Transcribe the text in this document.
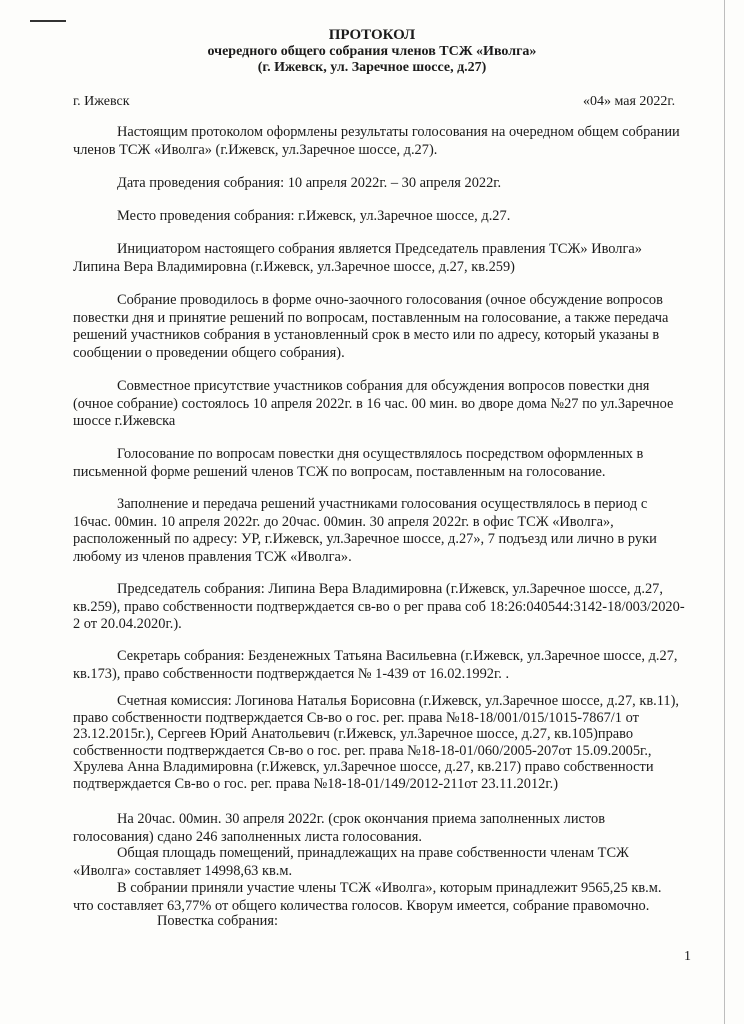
ПРОТОКОЛ
очередного общего собрания членов ТСЖ «Иволга»
(г. Ижевск, ул. Заречное шоссе, д.27)
г. Ижевск	«04» мая 2022г.
Настоящим протоколом оформлены результаты голосования на очередном общем собрании
членов ТСЖ «Иволга» (г.Ижевск, ул.Заречное шоссе, д.27).
Дата проведения собрания: 10 апреля 2022г. – 30 апреля 2022г.
Место проведения собрания: г.Ижевск, ул.Заречное шоссе, д.27.
Инициатором настоящего собрания является Председатель правления ТСЖ» Иволга»
Липина Вера Владимировна (г.Ижевск, ул.Заречное шоссе, д.27, кв.259)
Собрание проводилось в форме очно-заочного голосования (очное обсуждение вопросов
повестки дня и принятие решений по вопросам, поставленным на голосование, а также передача
решений участников собрания в установленный срок в место или по адресу, который указаны в
сообщении о проведении общего собрания).
Совместное присутствие участников собрания для обсуждения вопросов повестки дня
(очное собрание) состоялось 10 апреля 2022г. в 16 час. 00 мин. во дворе дома №27 по ул.Заречное
шоссе г.Ижевска
Голосование по вопросам повестки дня осуществлялось посредством оформленных в
письменной форме решений членов ТСЖ по вопросам, поставленным на голосование.
Заполнение и передача решений участниками голосования осуществлялось в период с
16час. 00мин. 10 апреля 2022г. до 20час. 00мин. 30 апреля 2022г. в офис ТСЖ «Иволга»,
расположенный по адресу: УР, г.Ижевск, ул.Заречное шоссе, д.27», 7 подъезд или лично в руки
любому из членов правления ТСЖ «Иволга».
Председатель собрания: Липина Вера Владимировна (г.Ижевск, ул.Заречное шоссе, д.27,
кв.259), право собственности подтверждается св-во о рег права соб 18:26:040544:3142-18/003/2020-
2 от 20.04.2020г.).
Секретарь собрания: Безденежных Татьяна Васильевна (г.Ижевск, ул.Заречное шоссе, д.27,
кв.173), право собственности подтверждается № 1-439 от 16.02.1992г. .
Счетная комиссия: Логинова Наталья Борисовна (г.Ижевск, ул.Заречное шоссе, д.27, кв.11),
право собственности подтверждается Св-во о гос. рег. права №18-18/001/015/1015-7867/1 от
23.12.2015г.), Сергеев Юрий Анатольевич (г.Ижевск, ул.Заречное шоссе, д.27, кв.105)право
собственности подтверждается Св-во о гос. рег. права №18-18-01/060/2005-207от 15.09.2005г.,
Хрулева Анна Владимировна (г.Ижевск, ул.Заречное шоссе, д.27, кв.217) право собственности
подтверждается Св-во о гос. рег. права №18-18-01/149/2012-211от 23.11.2012г.)
На 20час. 00мин. 30 апреля 2022г. (срок окончания приема заполненных листов
голосования) сдано 246 заполненных листа голосования.
Общая площадь помещений, принадлежащих на праве собственности членам ТСЖ
«Иволга» составляет 14998,63 кв.м.
В собрании приняли участие члены ТСЖ «Иволга», которым принадлежит 9565,25 кв.м.
что составляет 63,77% от общего количества голосов. Кворум имеется, собрание правомочно.
Повестка собрания:
1
